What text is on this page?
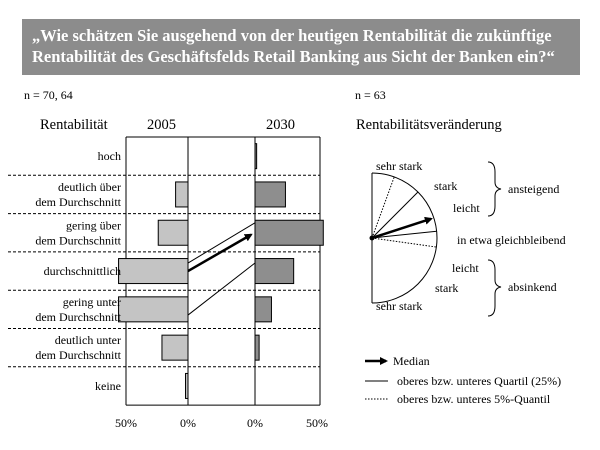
„Wie schätzen Sie ausgehend von der heutigen Rentabilität die zukünftige
Rentabilität des Geschäftsfelds Retail Banking aus Sicht der Banken ein?“
n = 70, 64	n = 63
Rentabilität	2005	2030	Rentabilitätsveränderung
hoch
deutlich über
dem Durchschnitt
gering über
dem Durchschnitt
durchschnittlich
gering unter
dem Durchschnitt
deutlich unter
dem Durchschnitt
keine
50%	0%	0%	50%
sehr stark
stark
leicht
in etwa gleichbleibend
leicht
stark
sehr stark
ansteigend
absinkend
Median
oberes bzw. unteres Quartil (25%)
oberes bzw. unteres 5%-Quantil
